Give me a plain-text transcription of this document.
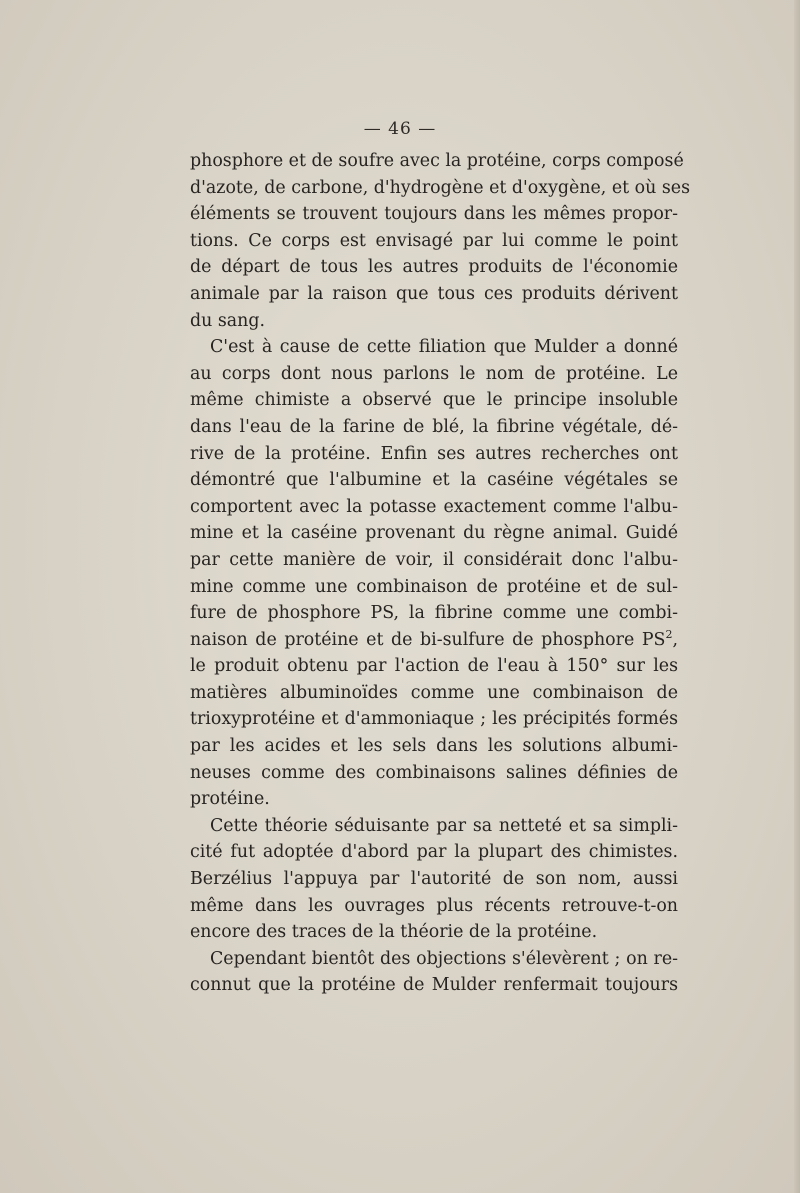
— 46 —
phosphore et de soufre avec la protéine, corps composé
d'azote, de carbone, d'hydrogène et d'oxygène, et où ses
éléments se trouvent toujours dans les mêmes propor-
tions. Ce corps est envisagé par lui comme le point
de départ de tous les autres produits de l'économie
animale par la raison que tous ces produits dérivent
du sang.
C'est à cause de cette filiation que Mulder a donné
au corps dont nous parlons le nom de protéine. Le
même chimiste a observé que le principe insoluble
dans l'eau de la farine de blé, la fibrine végétale, dé-
rive de la protéine. Enfin ses autres recherches ont
démontré que l'albumine et la caséine végétales se
comportent avec la potasse exactement comme l'albu-
mine et la caséine provenant du règne animal. Guidé
par cette manière de voir, il considérait donc l'albu-
mine comme une combinaison de protéine et de sul-
fure de phosphore PS, la fibrine comme une combi-
naison de protéine et de bi-sulfure de phosphore $PS^2$,
le produit obtenu par l'action de l'eau à 150° sur les
matières albuminoïdes comme une combinaison de
trioxyprotéine et d'ammoniaque ; les précipités formés
par les acides et les sels dans les solutions albumi-
neuses comme des combinaisons salines définies de
protéine.
Cette théorie séduisante par sa netteté et sa simpli-
cité fut adoptée d'abord par la plupart des chimistes.
Berzélius l'appuya par l'autorité de son nom, aussi
même dans les ouvrages plus récents retrouve-t-on
encore des traces de la théorie de la protéine.
Cependant bientôt des objections s'élevèrent ; on re-
connut que la protéine de Mulder renfermait toujours
